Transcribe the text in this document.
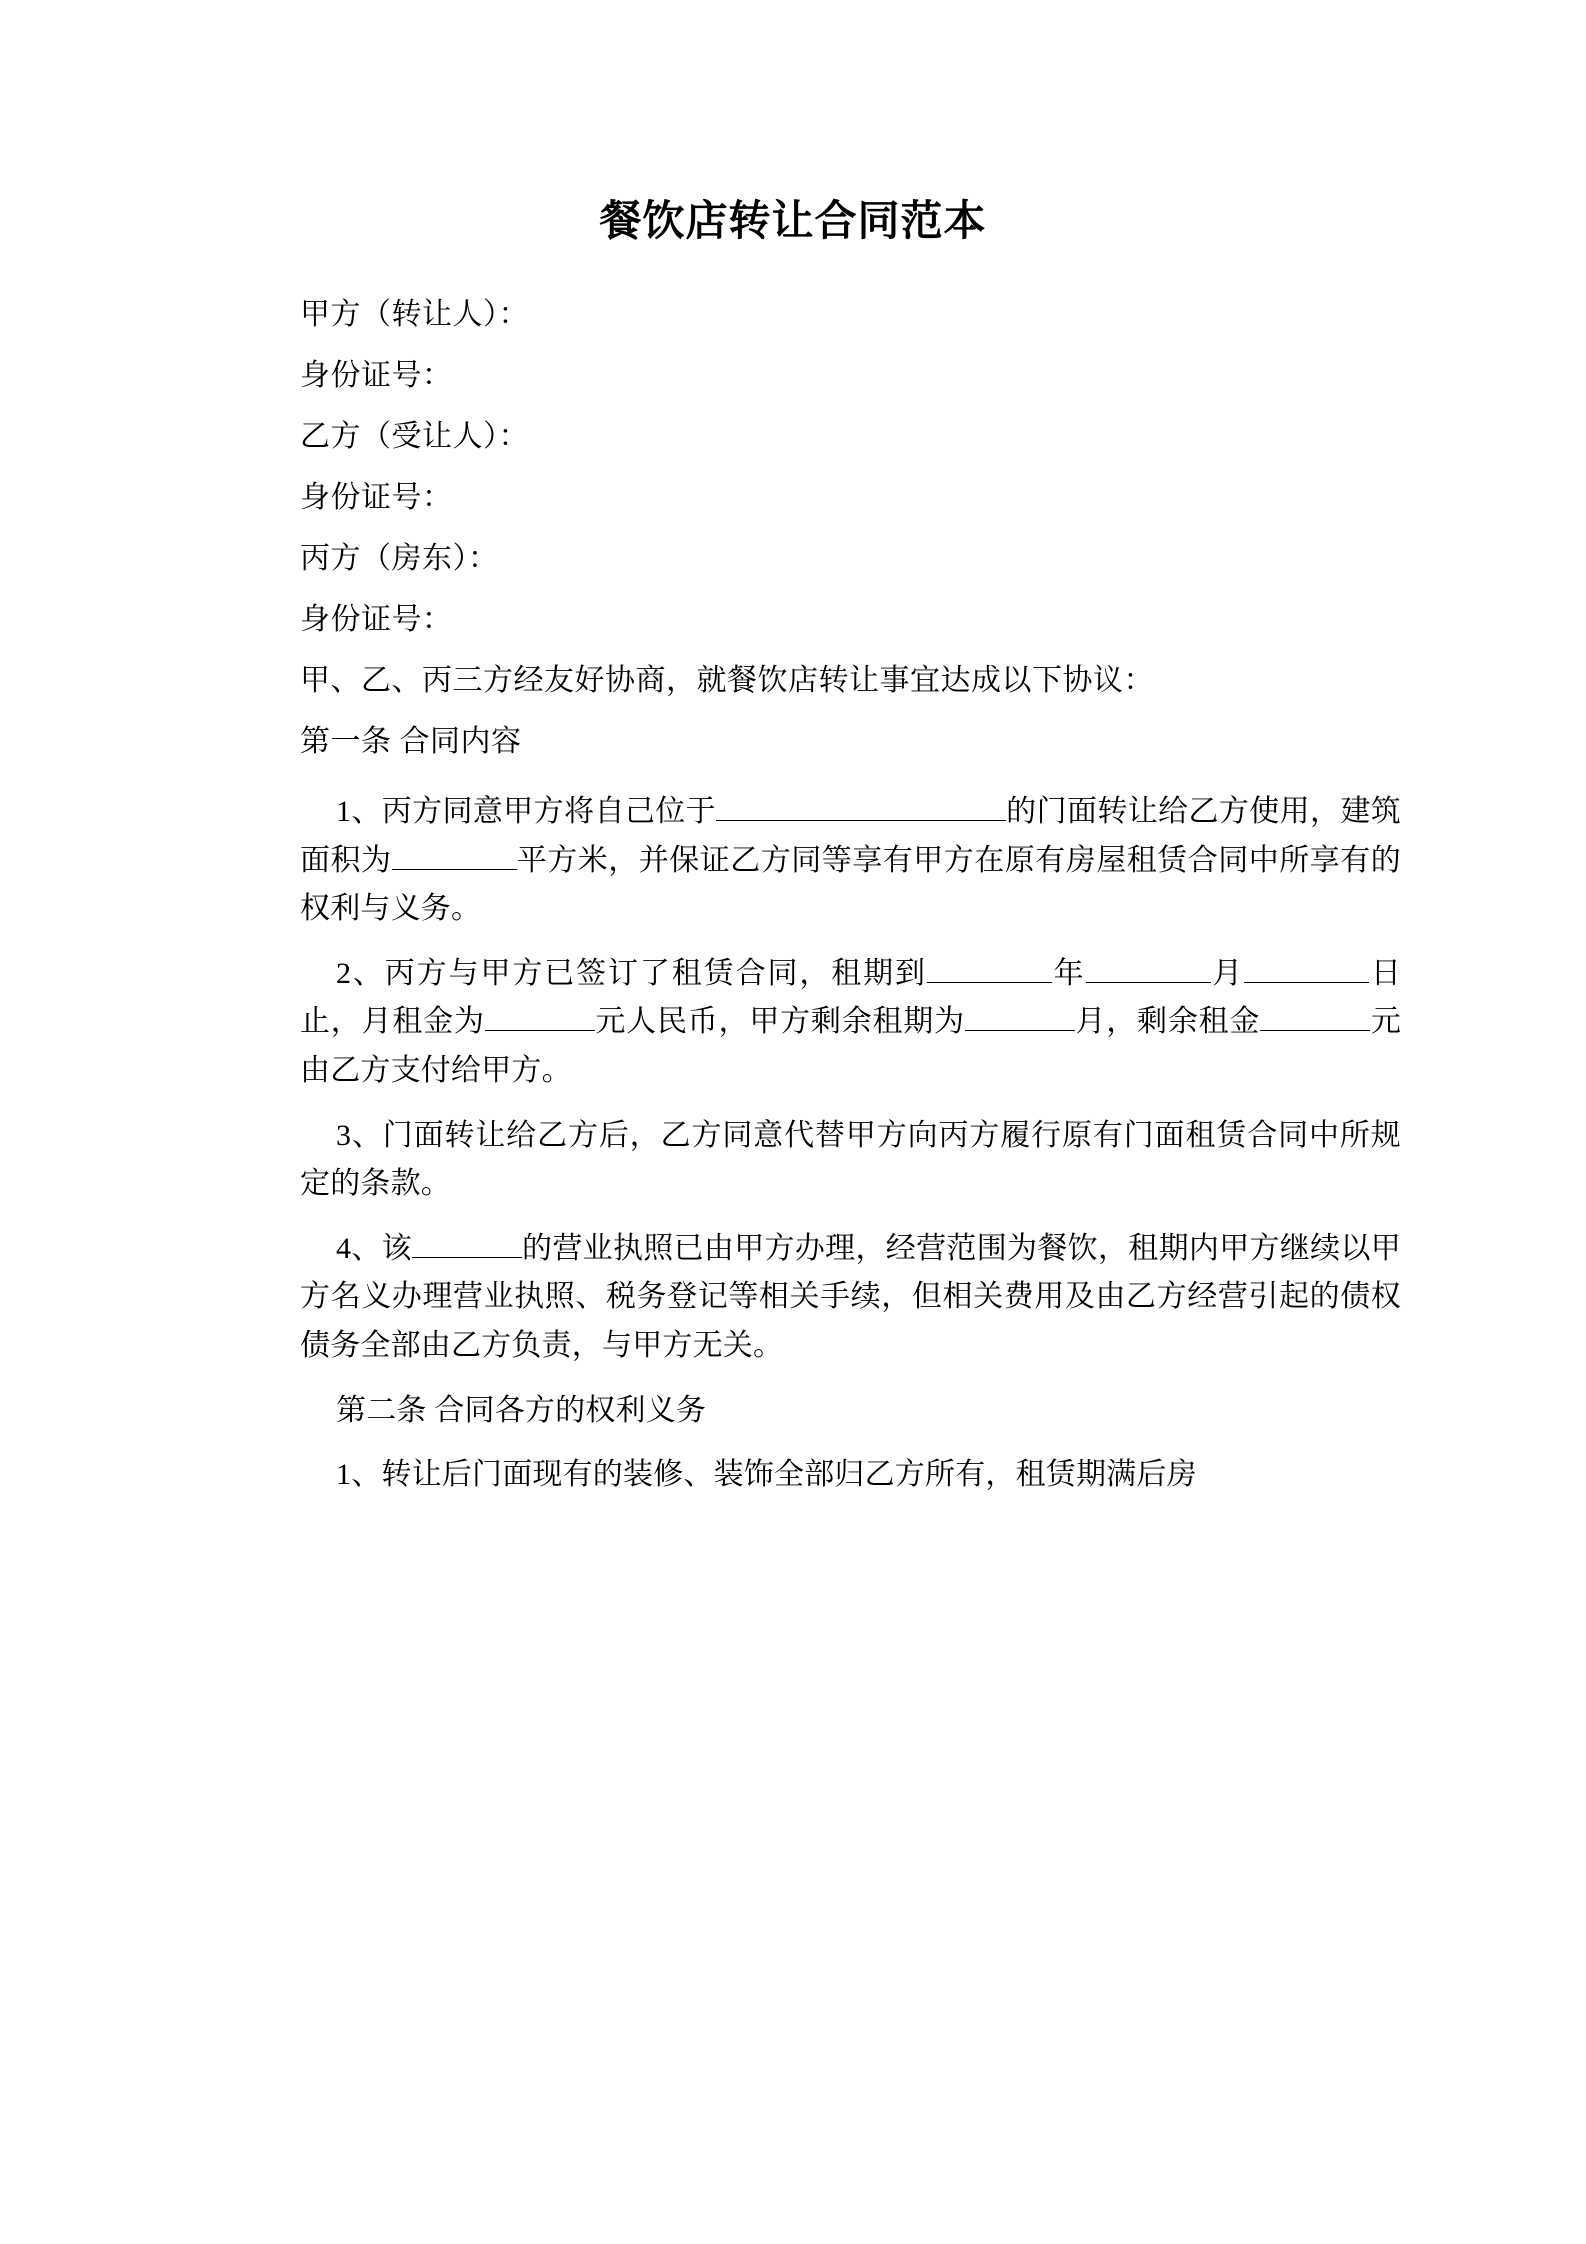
餐饮店转让合同范本

甲方（转让人）：

身份证号：

乙方（受让人）：

身份证号：

丙方（房东）：

身份证号：

甲、乙、丙三方经友好协商，就餐饮店转让事宜达成以下协议：

第一条 合同内容

1、丙方同意甲方将自己位于	的门面转让给乙方使用，建筑面积为	平方米，并保证乙方同等享有甲方在原有房屋租赁合同中所享有的权利与义务。

2、丙方与甲方已签订了租赁合同，租期到	年	月	日止，月租金为	元人民币，甲方剩余租期为	月，剩余租金	元由乙方支付给甲方。

3、门面转让给乙方后，乙方同意代替甲方向丙方履行原有门面租赁合同中所规定的条款。

4、该	的营业执照已由甲方办理，经营范围为餐饮，租期内甲方继续以甲方名义办理营业执照、税务登记等相关手续，但相关费用及由乙方经营引起的债权债务全部由乙方负责，与甲方无关。

第二条 合同各方的权利义务

1、转让后门面现有的装修、装饰全部归乙方所有，租赁期满后房
